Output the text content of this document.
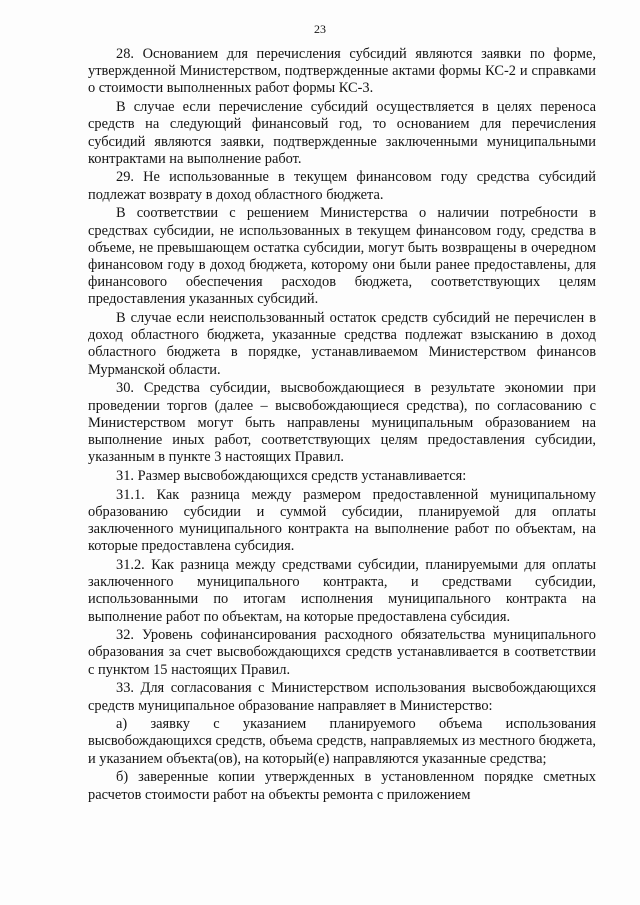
23

28. Основанием для перечисления субсидий являются заявки по форме, утвержденной Министерством, подтвержденные актами формы КС-2 и справками о стоимости выполненных работ формы КС-3.

В случае если перечисление субсидий осуществляется в целях переноса средств на следующий финансовый год, то основанием для перечисления субсидий являются заявки, подтвержденные заключенными муниципальными контрактами на выполнение работ.

29. Не использованные в текущем финансовом году средства субсидий подлежат возврату в доход областного бюджета.

В соответствии с решением Министерства о наличии потребности в средствах субсидии, не использованных в текущем финансовом году, средства в объеме, не превышающем остатка субсидии, могут быть возвращены в очередном финансовом году в доход бюджета, которому они были ранее предоставлены, для финансового обеспечения расходов бюджета, соответствующих целям предоставления указанных субсидий.

В случае если неиспользованный остаток средств субсидий не перечислен в доход областного бюджета, указанные средства подлежат взысканию в доход областного бюджета в порядке, устанавливаемом Министерством финансов Мурманской области.

30. Средства субсидии, высвобождающиеся в результате экономии при проведении торгов (далее – высвобождающиеся средства), по согласованию с Министерством могут быть направлены муниципальным образованием на выполнение иных работ, соответствующих целям предоставления субсидии, указанным в пункте 3 настоящих Правил.

31. Размер высвобождающихся средств устанавливается:

31.1. Как разница между размером предоставленной муниципальному образованию субсидии и суммой субсидии, планируемой для оплаты заключенного муниципального контракта на выполнение работ по объектам, на которые предоставлена субсидия.

31.2. Как разница между средствами субсидии, планируемыми для оплаты заключенного муниципального контракта, и средствами субсидии, использованными по итогам исполнения муниципального контракта на выполнение работ по объектам, на которые предоставлена субсидия.

32. Уровень софинансирования расходного обязательства муниципального образования за счет высвобождающихся средств устанавливается в соответствии с пунктом 15 настоящих Правил.

33. Для согласования с Министерством использования высвобождающихся средств муниципальное образование направляет в Министерство:

а) заявку с указанием планируемого объема использования высвобождающихся средств, объема средств, направляемых из местного бюджета, и указанием объекта(ов), на который(е) направляются указанные средства;

б) заверенные копии утвержденных в установленном порядке сметных расчетов стоимости работ на объекты ремонта с приложением
